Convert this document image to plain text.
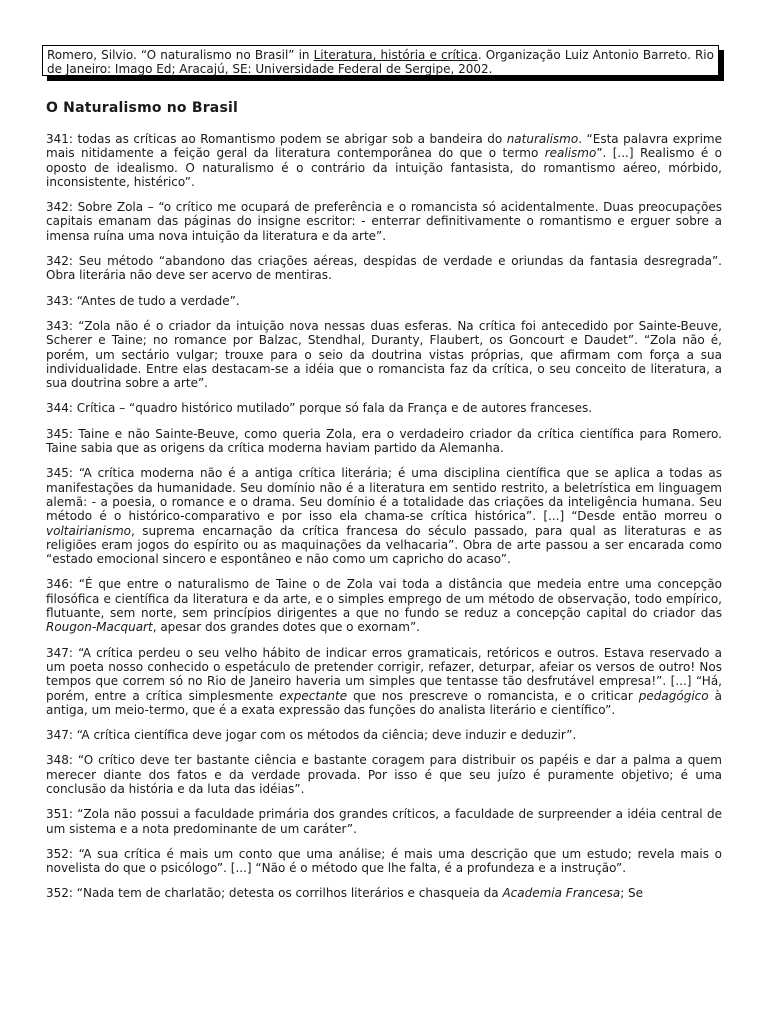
Romero, Silvio. “O naturalismo no Brasil” in Literatura, história e crítica. Organização Luiz Antonio Barreto. Rio de Janeiro: Imago Ed; Aracajú, SE: Universidade Federal de Sergipe, 2002.
O Naturalismo no Brasil

341: todas as críticas ao Romantismo podem se abrigar sob a bandeira do naturalismo. “Esta palavra exprime mais nitidamente a feição geral da literatura contemporânea do que o termo realismo”. [...] Realismo é o oposto de idealismo. O naturalismo é o contrário da intuição fantasista, do romantismo aéreo, mórbido, inconsistente, histérico”.

342: Sobre Zola – “o crítico me ocupará de preferência e o romancista só acidentalmente. Duas preocupações capitais emanam das páginas do insigne escritor: - enterrar definitivamente o romantismo e erguer sobre a imensa ruína uma nova intuição da literatura e da arte”.

342: Seu método “abandono das criações aéreas, despidas de verdade e oriundas da fantasia desregrada”. Obra literária não deve ser acervo de mentiras.

343: “Antes de tudo a verdade”.

343: “Zola não é o criador da intuição nova nessas duas esferas. Na crítica foi antecedido por Sainte-Beuve, Scherer e Taine; no romance por Balzac, Stendhal, Duranty, Flaubert, os Goncourt e Daudet”. “Zola não é, porém, um sectário vulgar; trouxe para o seio da doutrina vistas próprias, que afirmam com força a sua individualidade. Entre elas destacam-se a idéia que o romancista faz da crítica, o seu conceito de literatura, a sua doutrina sobre a arte”.

344: Crítica – “quadro histórico mutilado” porque só fala da França e de autores franceses.

345: Taine e não Sainte-Beuve, como queria Zola, era o verdadeiro criador da crítica científica para Romero. Taine sabia que as origens da crítica moderna haviam partido da Alemanha.

345: “A crítica moderna não é a antiga crítica literária; é uma disciplina científica que se aplica a todas as manifestações da humanidade. Seu domínio não é a literatura em sentido restrito, a beletrística em linguagem alemã: - a poesia, o romance e o drama. Seu domínio é a totalidade das criações da inteligência humana. Seu método é o histórico-comparativo e por isso ela chama-se crítica histórica”. [...] “Desde então morreu o voltairianismo, suprema encarnação da crítica francesa do século passado, para qual as literaturas e as religiões eram jogos do espírito ou as maquinações da velhacaria”. Obra de arte passou a ser encarada como “estado emocional sincero e espontâneo e não como um capricho do acaso”.

346: “É que entre o naturalismo de Taine o de Zola vai toda a distância que medeia entre uma concepção filosófica e científica da literatura e da arte, e o simples emprego de um método de observação, todo empírico, flutuante, sem norte, sem princípios dirigentes a que no fundo se reduz a concepção capital do criador das Rougon-Macquart, apesar dos grandes dotes que o exornam”.

347: “A crítica perdeu o seu velho hábito de indicar erros gramaticais, retóricos e outros. Estava reservado a um poeta nosso conhecido o espetáculo de pretender corrigir, refazer, deturpar, afeiar os versos de outro! Nos tempos que correm só no Rio de Janeiro haveria um simples que tentasse tão desfrutável empresa!”. [...] “Há, porém, entre a crítica simplesmente expectante que nos prescreve o romancista, e o criticar pedagógico à antiga, um meio-termo, que é a exata expressão das funções do analista literário e científico”.

347: “A crítica científica deve jogar com os métodos da ciência; deve induzir e deduzir”.

348: “O crítico deve ter bastante ciência e bastante coragem para distribuir os papéis e dar a palma a quem merecer diante dos fatos e da verdade provada. Por isso é que seu juízo é puramente objetivo; é uma conclusão da história e da luta das idéias”.

351: “Zola não possui a faculdade primária dos grandes críticos, a faculdade de surpreender a idéia central de um sistema e a nota predominante de um caráter”.

352: “A sua crítica é mais um conto que uma análise; é mais uma descrição que um estudo; revela mais o novelista do que o psicólogo”. [...] “Não é o método que lhe falta, é a profundeza e a instrução”.

352: “Nada tem de charlatão; detesta os corrilhos literários e chasqueia da Academia Francesa; Se
